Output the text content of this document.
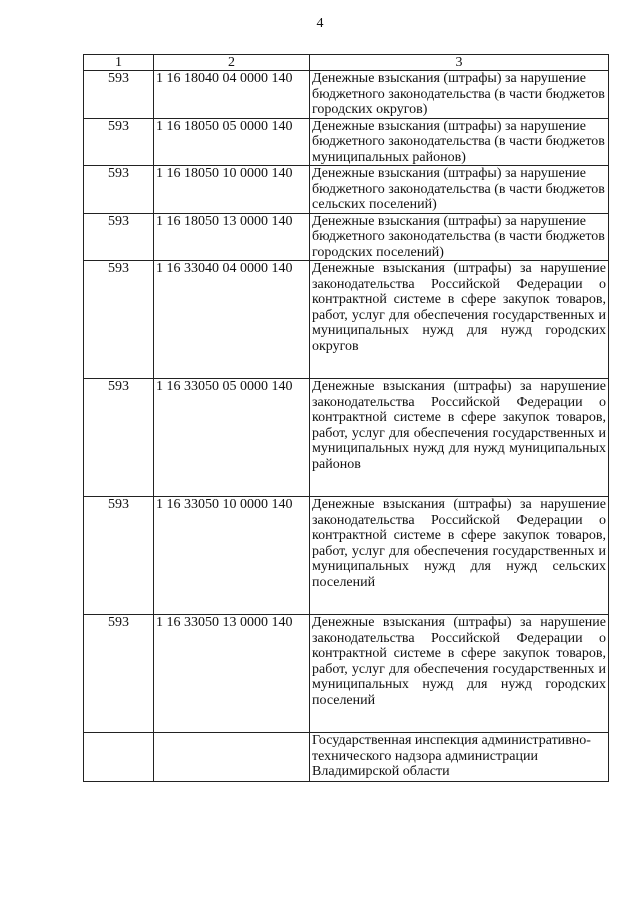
4
1	2	3
593	1 16 18040 04 0000 140	Денежные взыскания (штрафы) за нарушение бюджетного законодательства (в части бюджетов городских округов)
593	1 16 18050 05 0000 140	Денежные взыскания (штрафы) за нарушение бюджетного законодательства (в части бюджетов муниципальных районов)
593	1 16 18050 10 0000 140	Денежные взыскания (штрафы) за нарушение бюджетного законодательства (в части бюджетов сельских поселений)
593	1 16 18050 13 0000 140	Денежные взыскания (штрафы) за нарушение бюджетного законодательства (в части бюджетов городских поселений)
593	1 16 33040 04 0000 140	Денежные взыскания (штрафы) за нарушение законодательства Российской Федерации о контрактной системе в сфере закупок товаров, работ, услуг для обеспечения государственных и муниципальных нужд для нужд городских округов
593	1 16 33050 05 0000 140	Денежные взыскания (штрафы) за нарушение законодательства Российской Федерации о контрактной системе в сфере закупок товаров, работ, услуг для обеспечения государственных и муниципальных нужд для нужд муниципальных районов
593	1 16 33050 10 0000 140	Денежные взыскания (штрафы) за нарушение законодательства Российской Федерации о контрактной системе в сфере закупок товаров, работ, услуг для обеспечения государственных и муниципальных нужд для нужд сельских поселений
593	1 16 33050 13 0000 140	Денежные взыскания (штрафы) за нарушение законодательства Российской Федерации о контрактной системе в сфере закупок товаров, работ, услуг для обеспечения государственных и муниципальных нужд для нужд городских поселений
		Государственная инспекция административно-технического надзора администрации Владимирской области
